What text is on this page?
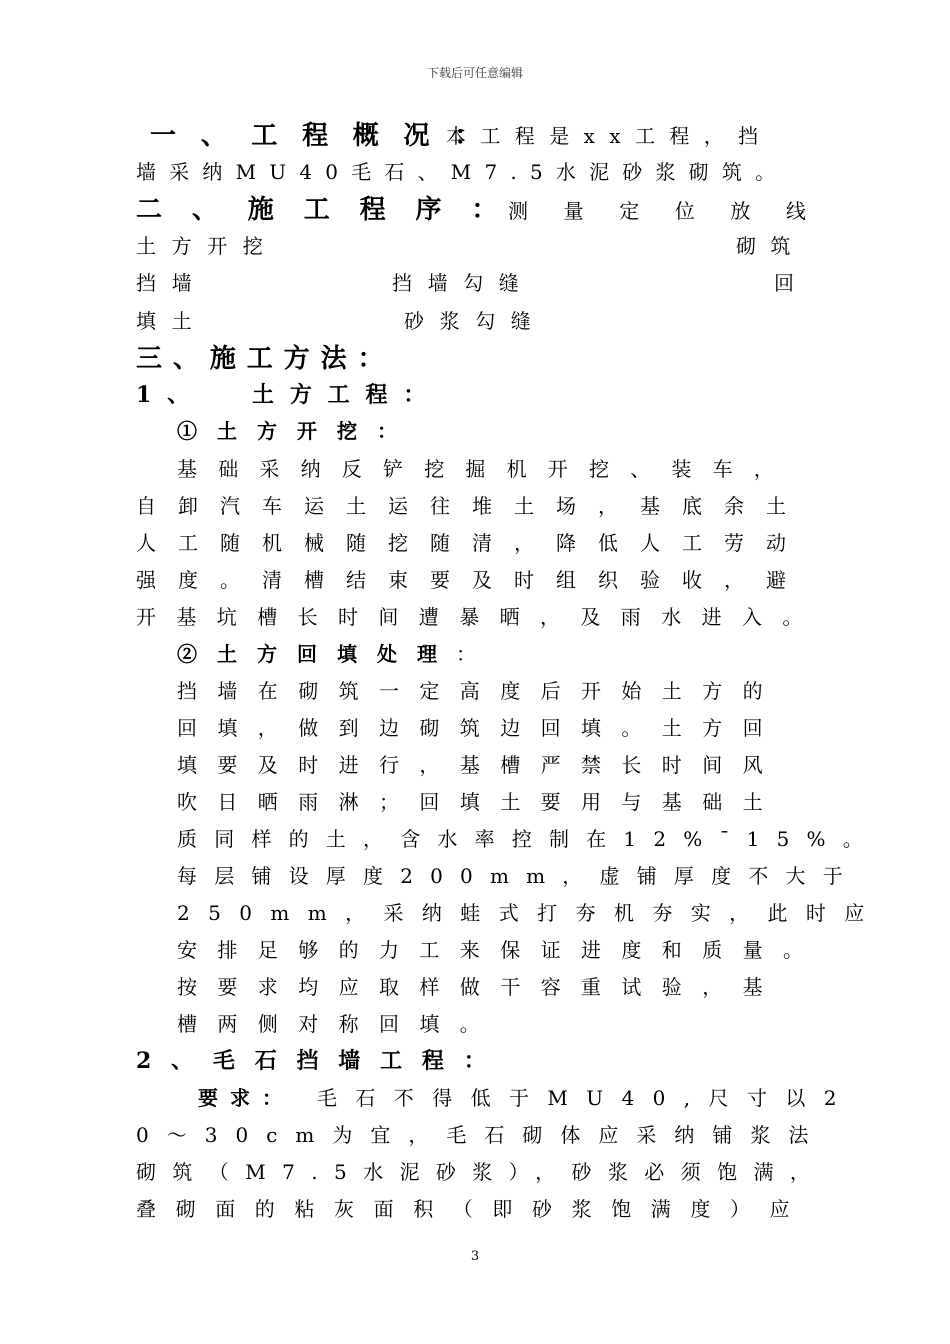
下载后可任意编辑
一、工程概况：
本工程是xx工程，挡
墙采纳MU40毛石、M7.5水泥砂浆砌筑。
二、施工程序：
测量定位放线
土方开挖	砌筑
挡墙	挡墙勾缝	回
填土	砂浆勾缝
三、施工方法：
1、  土方工程：
①土方开挖：
基础采纳反铲挖掘机开挖、装车，
自卸汽车运土运往堆土场，基底余土
人工随机械随挖随清，降低人工劳动
强度。清槽结束要及时组织验收，避
开基坑槽长时间遭暴晒，及雨水进入。
②土方回填处理 ：
挡墙在砌筑一定高度后开始土方的
回填，做到边砌筑边回填。土方回
填要及时进行，基槽严禁长时间风
吹日晒雨淋；回填土要用与基础土
质同样的土，含水率控制在12%¯15%。
每层铺设厚度200mm，虚铺厚度不大于
250mm，采纳蛙式打夯机夯实，此时应
安排足够的力工来保证进度和质量。
按要求均应取样做干容重试验，基
槽两侧对称回填。
2、毛石挡墙工程：
要求： 毛石不得低于MU40,尺寸以2
0～30cm为宜，毛石砌体应采纳铺浆法
砌筑（M7.5水泥砂浆），砂浆必须饱满，
叠砌面的粘灰面积（即砂浆饱满度）应
3
